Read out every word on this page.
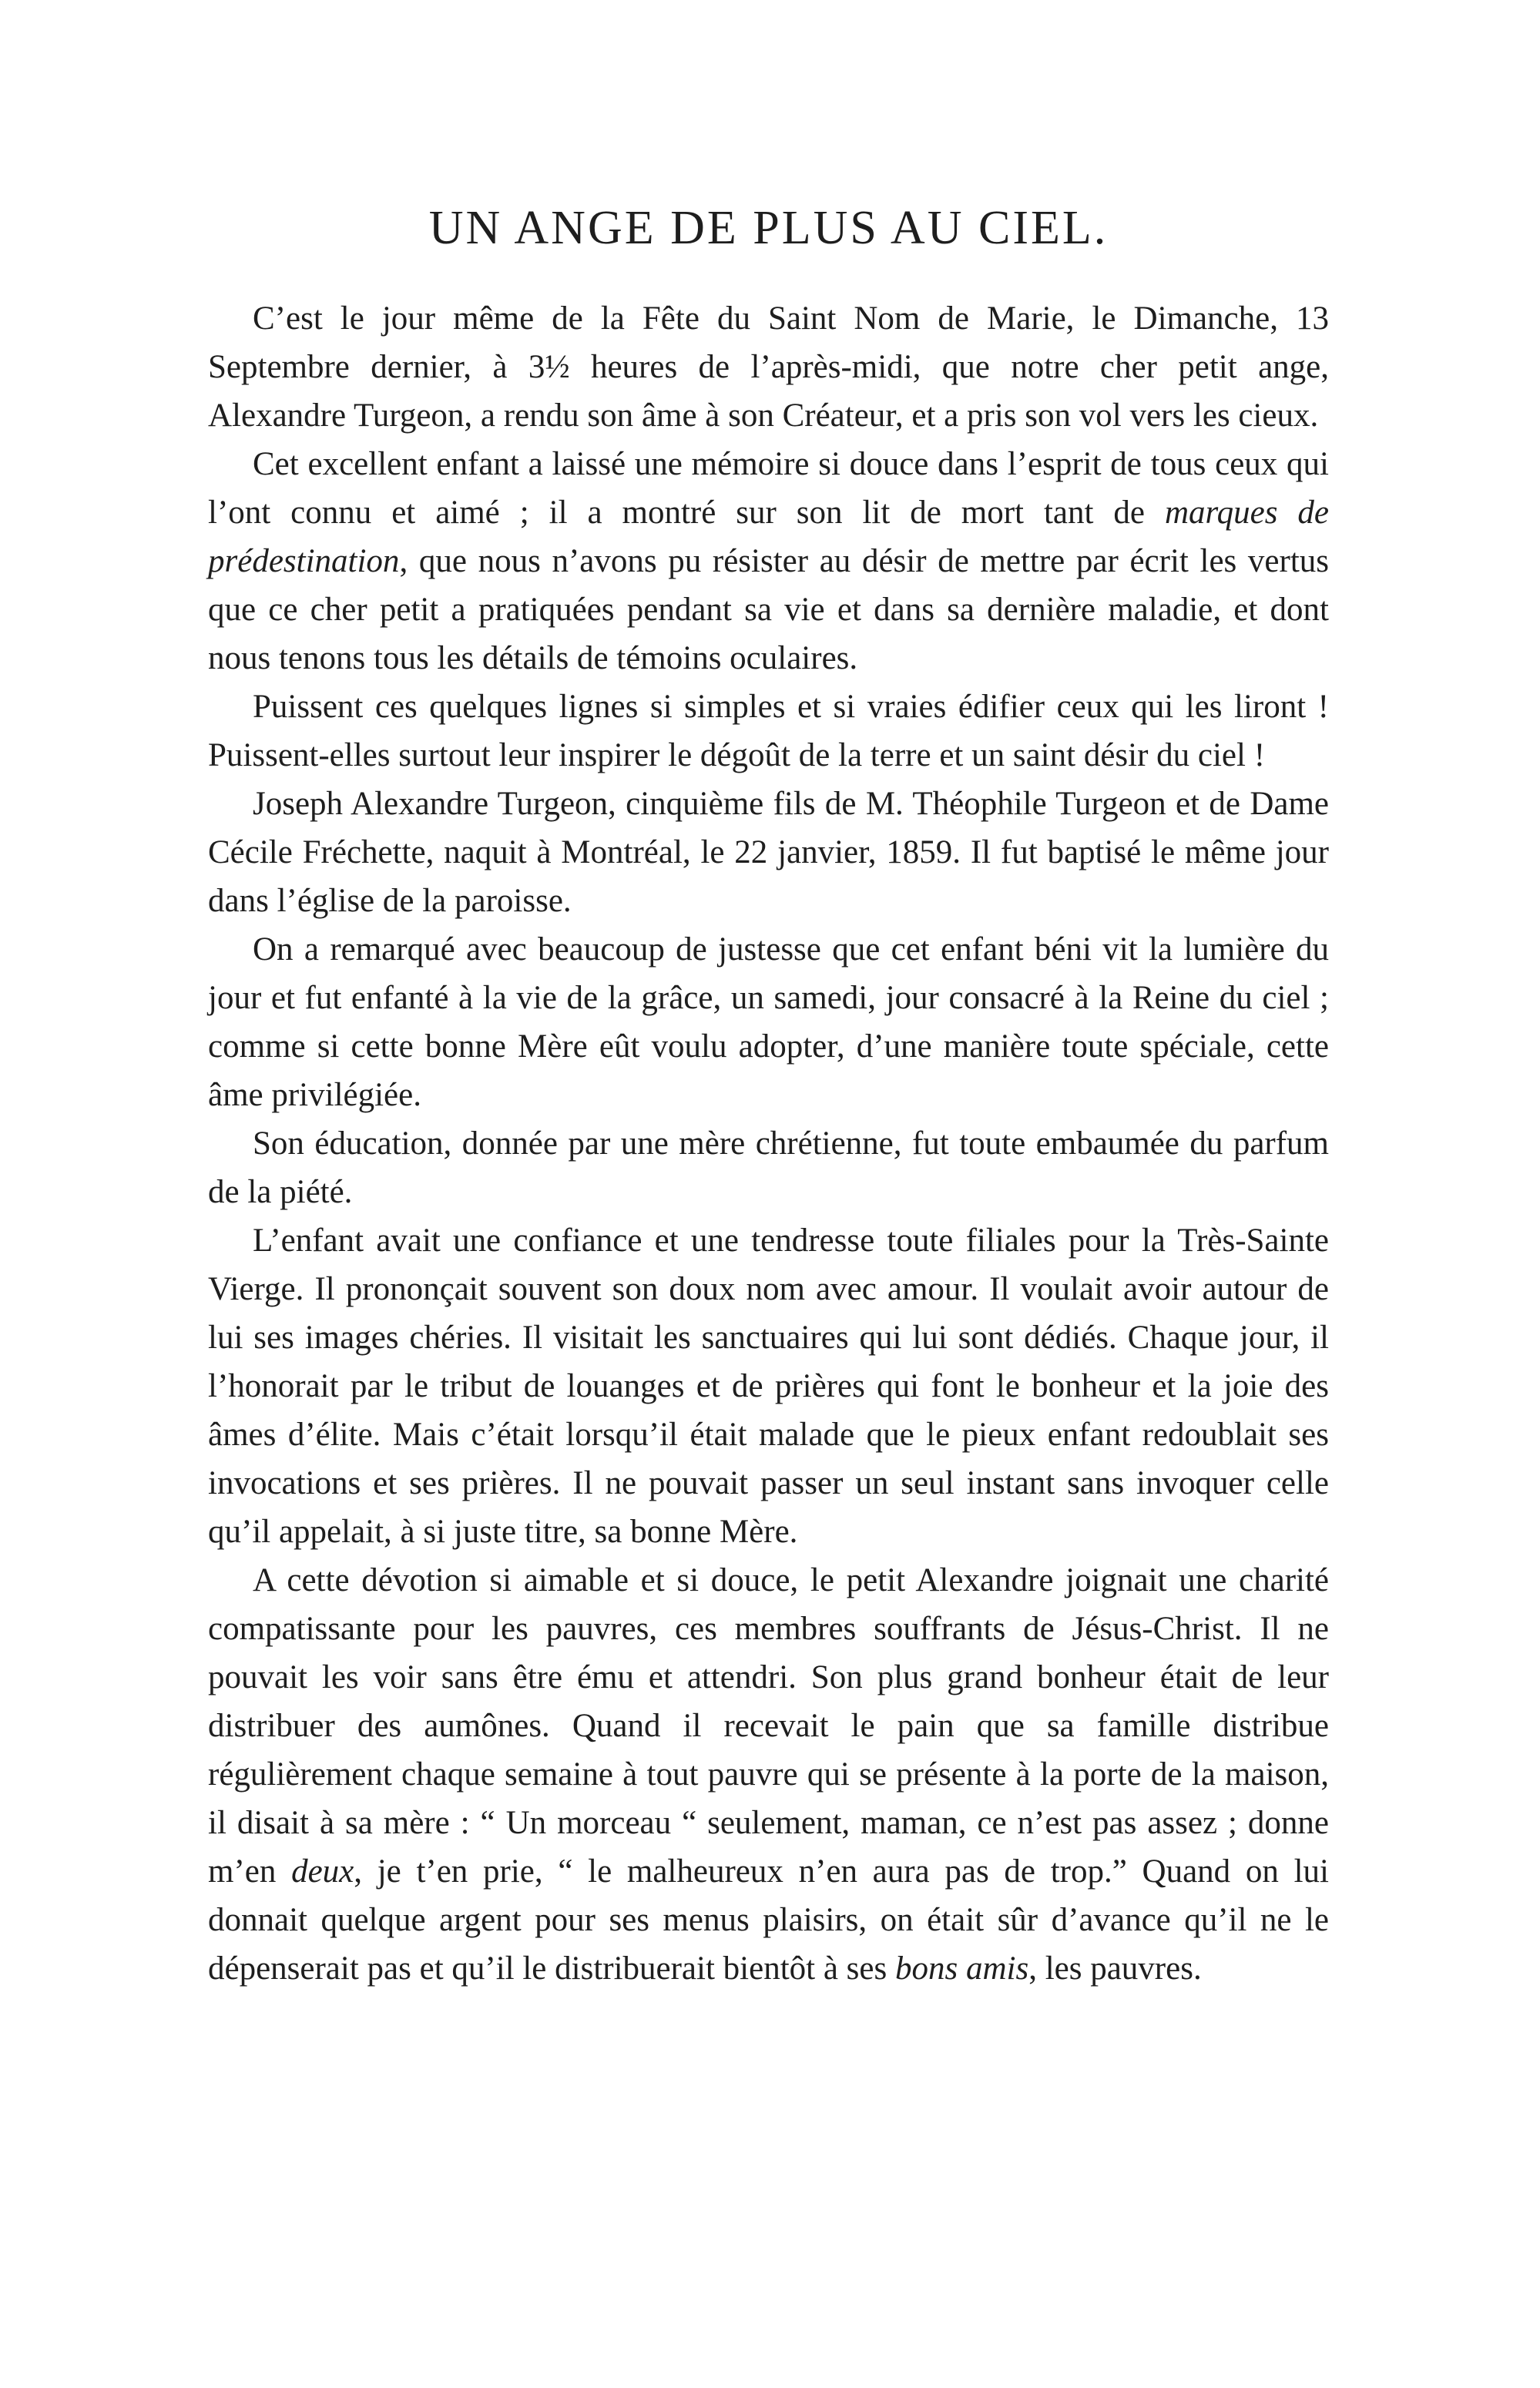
UN ANGE DE PLUS AU CIEL.

C’est le jour même de la Fête du Saint Nom de Marie, le Dimanche, 13 Septembre dernier, à 3½ heures de l’après-midi, que notre cher petit ange, Alexandre Turgeon, a rendu son âme à son Créateur, et a pris son vol vers les cieux.

Cet excellent enfant a laissé une mémoire si douce dans l’esprit de tous ceux qui l’ont connu et aimé ; il a montré sur son lit de mort tant de marques de prédestination, que nous n’avons pu résister au désir de mettre par écrit les vertus que ce cher petit a pratiquées pendant sa vie et dans sa dernière maladie, et dont nous tenons tous les détails de témoins oculaires.

Puissent ces quelques lignes si simples et si vraies édifier ceux qui les liront ! Puissent-elles surtout leur inspirer le dégoût de la terre et un saint désir du ciel !

Joseph Alexandre Turgeon, cinquième fils de M. Théophile Turgeon et de Dame Cécile Fréchette, naquit à Montréal, le 22 janvier, 1859. Il fut baptisé le même jour dans l’église de la paroisse.

On a remarqué avec beaucoup de justesse que cet enfant béni vit la lumière du jour et fut enfanté à la vie de la grâce, un samedi, jour consacré à la Reine du ciel ; comme si cette bonne Mère eût voulu adopter, d’une manière toute spéciale, cette âme privilégiée.

Son éducation, donnée par une mère chrétienne, fut toute embaumée du parfum de la piété.

L’enfant avait une confiance et une tendresse toute filiales pour la Très-Sainte Vierge. Il prononçait souvent son doux nom avec amour. Il voulait avoir autour de lui ses images chéries. Il visitait les sanctuaires qui lui sont dédiés. Chaque jour, il l’honorait par le tribut de louanges et de prières qui font le bonheur et la joie des âmes d’élite. Mais c’était lorsqu’il était malade que le pieux enfant redoublait ses invocations et ses prières. Il ne pouvait passer un seul instant sans invoquer celle qu’il appelait, à si juste titre, sa bonne Mère.

A cette dévotion si aimable et si douce, le petit Alexandre joignait une charité compatissante pour les pauvres, ces membres souffrants de Jésus-Christ. Il ne pouvait les voir sans être ému et attendri. Son plus grand bonheur était de leur distribuer des aumônes. Quand il recevait le pain que sa famille distribue régulièrement chaque semaine à tout pauvre qui se présente à la porte de la maison, il disait à sa mère : “ Un morceau “ seulement, maman, ce n’est pas assez ; donne m’en deux, je t’en prie, “ le malheureux n’en aura pas de trop.” Quand on lui donnait quelque argent pour ses menus plaisirs, on était sûr d’avance qu’il ne le dépenserait pas et qu’il le distribuerait bientôt à ses bons amis, les pauvres.
